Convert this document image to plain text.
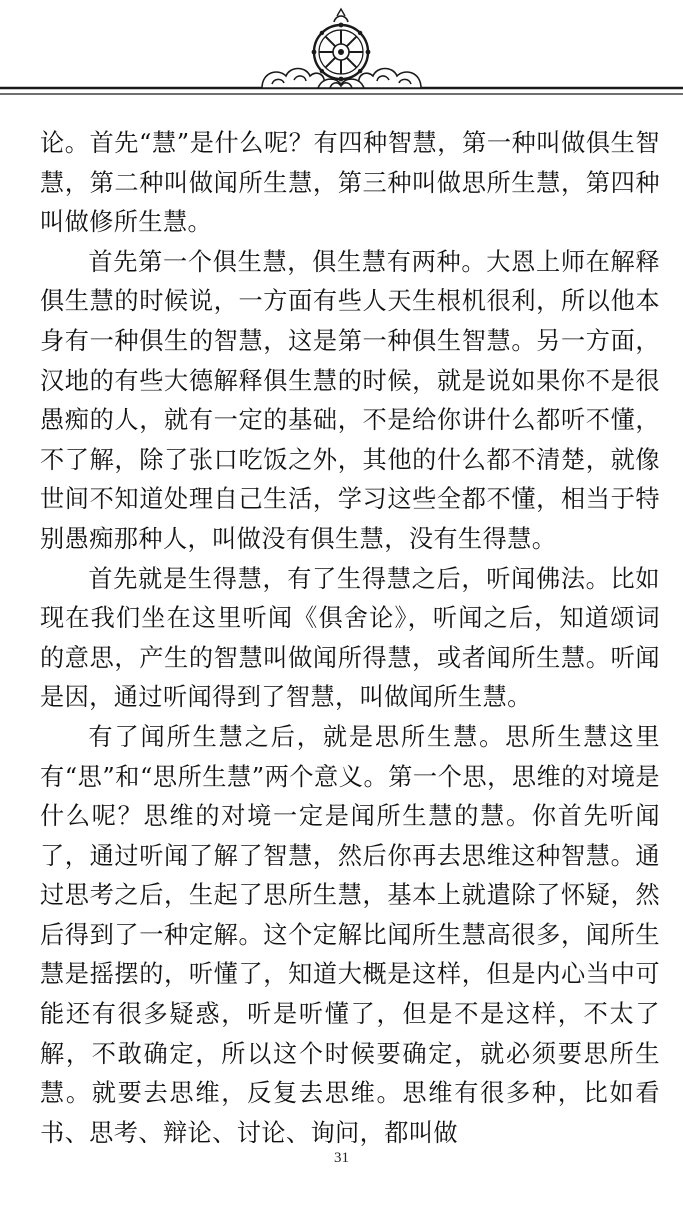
论。首先“慧”是什么呢？有四种智慧，第一种叫做俱生智慧，第二种叫做闻所生慧，第三种叫做思所生慧，第四种叫做修所生慧。

首先第一个俱生慧，俱生慧有两种。大恩上师在解释俱生慧的时候说，一方面有些人天生根机很利，所以他本身有一种俱生的智慧，这是第一种俱生智慧。另一方面，汉地的有些大德解释俱生慧的时候，就是说如果你不是很愚痴的人，就有一定的基础，不是给你讲什么都听不懂，不了解，除了张口吃饭之外，其他的什么都不清楚，就像世间不知道处理自己生活，学习这些全都不懂，相当于特别愚痴那种人，叫做没有俱生慧，没有生得慧。

首先就是生得慧，有了生得慧之后，听闻佛法。比如现在我们坐在这里听闻《俱舍论》，听闻之后，知道颂词的意思，产生的智慧叫做闻所得慧，或者闻所生慧。听闻是因，通过听闻得到了智慧，叫做闻所生慧。

有了闻所生慧之后，就是思所生慧。思所生慧这里有“思”和“思所生慧”两个意义。第一个思，思维的对境是什么呢？思维的对境一定是闻所生慧的慧。你首先听闻了，通过听闻了解了智慧，然后你再去思维这种智慧。通过思考之后，生起了思所生慧，基本上就遣除了怀疑，然后得到了一种定解。这个定解比闻所生慧高很多，闻所生慧是摇摆的，听懂了，知道大概是这样，但是内心当中可能还有很多疑惑，听是听懂了，但是不是这样，不太了解，不敢确定，所以这个时候要确定，就必须要思所生慧。就要去思维，反复去思维。思维有很多种，比如看书、思考、辩论、讨论、询问，都叫做

31
